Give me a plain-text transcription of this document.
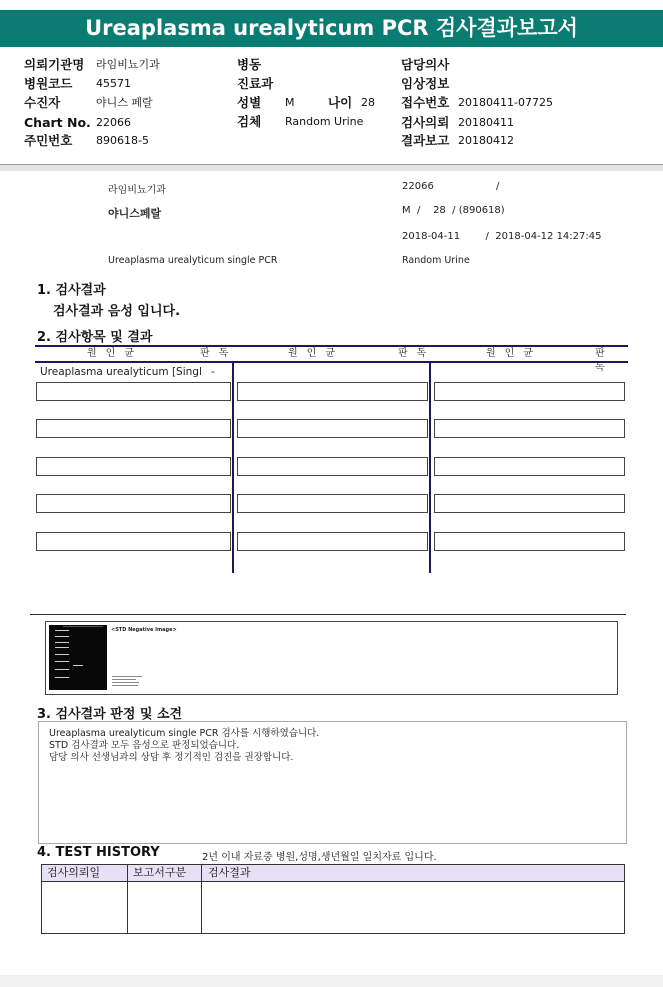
Ureaplasma urealyticum PCR 검사결과보고서
의뢰기관명 라임비뇨기과
병원코드 45571
수진자	야니스 페랄
Chart No. 22066
주민번호 890618-5
병동
진료과
성별 M	나이 28
검체 Random Urine
담당의사
임상정보
접수번호 20180411-07725
검사의뢰 20180411
결과보고 20180412
라임비뇨기과	22066	/
야니스페랄	M  /    28  / (890618)
2018-04-11        /  2018-04-12 14:27:45
Ureaplasma urealyticum single PCR	Random Urine
1. 검사결과
검사결과 음성 입니다.
2. 검사항목 및 결과
원인균	판독	원인균	판독	원인균	판독
Ureaplasma urealyticum [Singl -
<STD Negative Image>
3. 검사결과 판정 및 소견
Ureaplasma urealyticum single PCR 검사를 시행하였습니다.
STD 검사결과 모두 음성으로 판정되었습니다.
담당 의사 선생님과의 상담 후 정기적인 검진을 권장합니다.
4. TEST HISTORY	2년 이내 자료중 병원,성명,생년월일 일치자료 입니다.
검사의뢰일	보고서구분 검사결과
